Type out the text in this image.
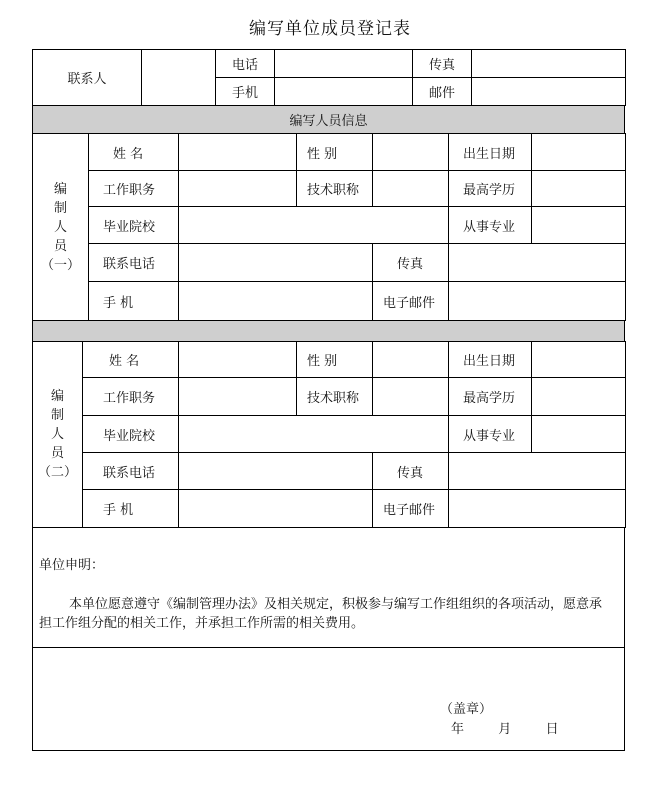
编写单位成员登记表
联系人		电话		传真	
		手机		邮件	
编写人员信息
编
制
人
员
（一）	姓 名		性 别		出生日期	
	工作职务		技术职称		最高学历	
	毕业院校				从事专业	
	联系电话			传真		
	手 机			电子邮件		
编
制
人
员
（二）	姓 名		性 别		出生日期	
	工作职务		技术职称		最高学历	
	毕业院校				从事专业	
	联系电话			传真		
	手 机			电子邮件		
单位申明：
本单位愿意遵守《编制管理办法》及相关规定，积极参与编写工作组组织的各项活动，愿意承担工作组分配的相关工作，并承担工作所需的相关费用。

（盖章）
年	月	日
